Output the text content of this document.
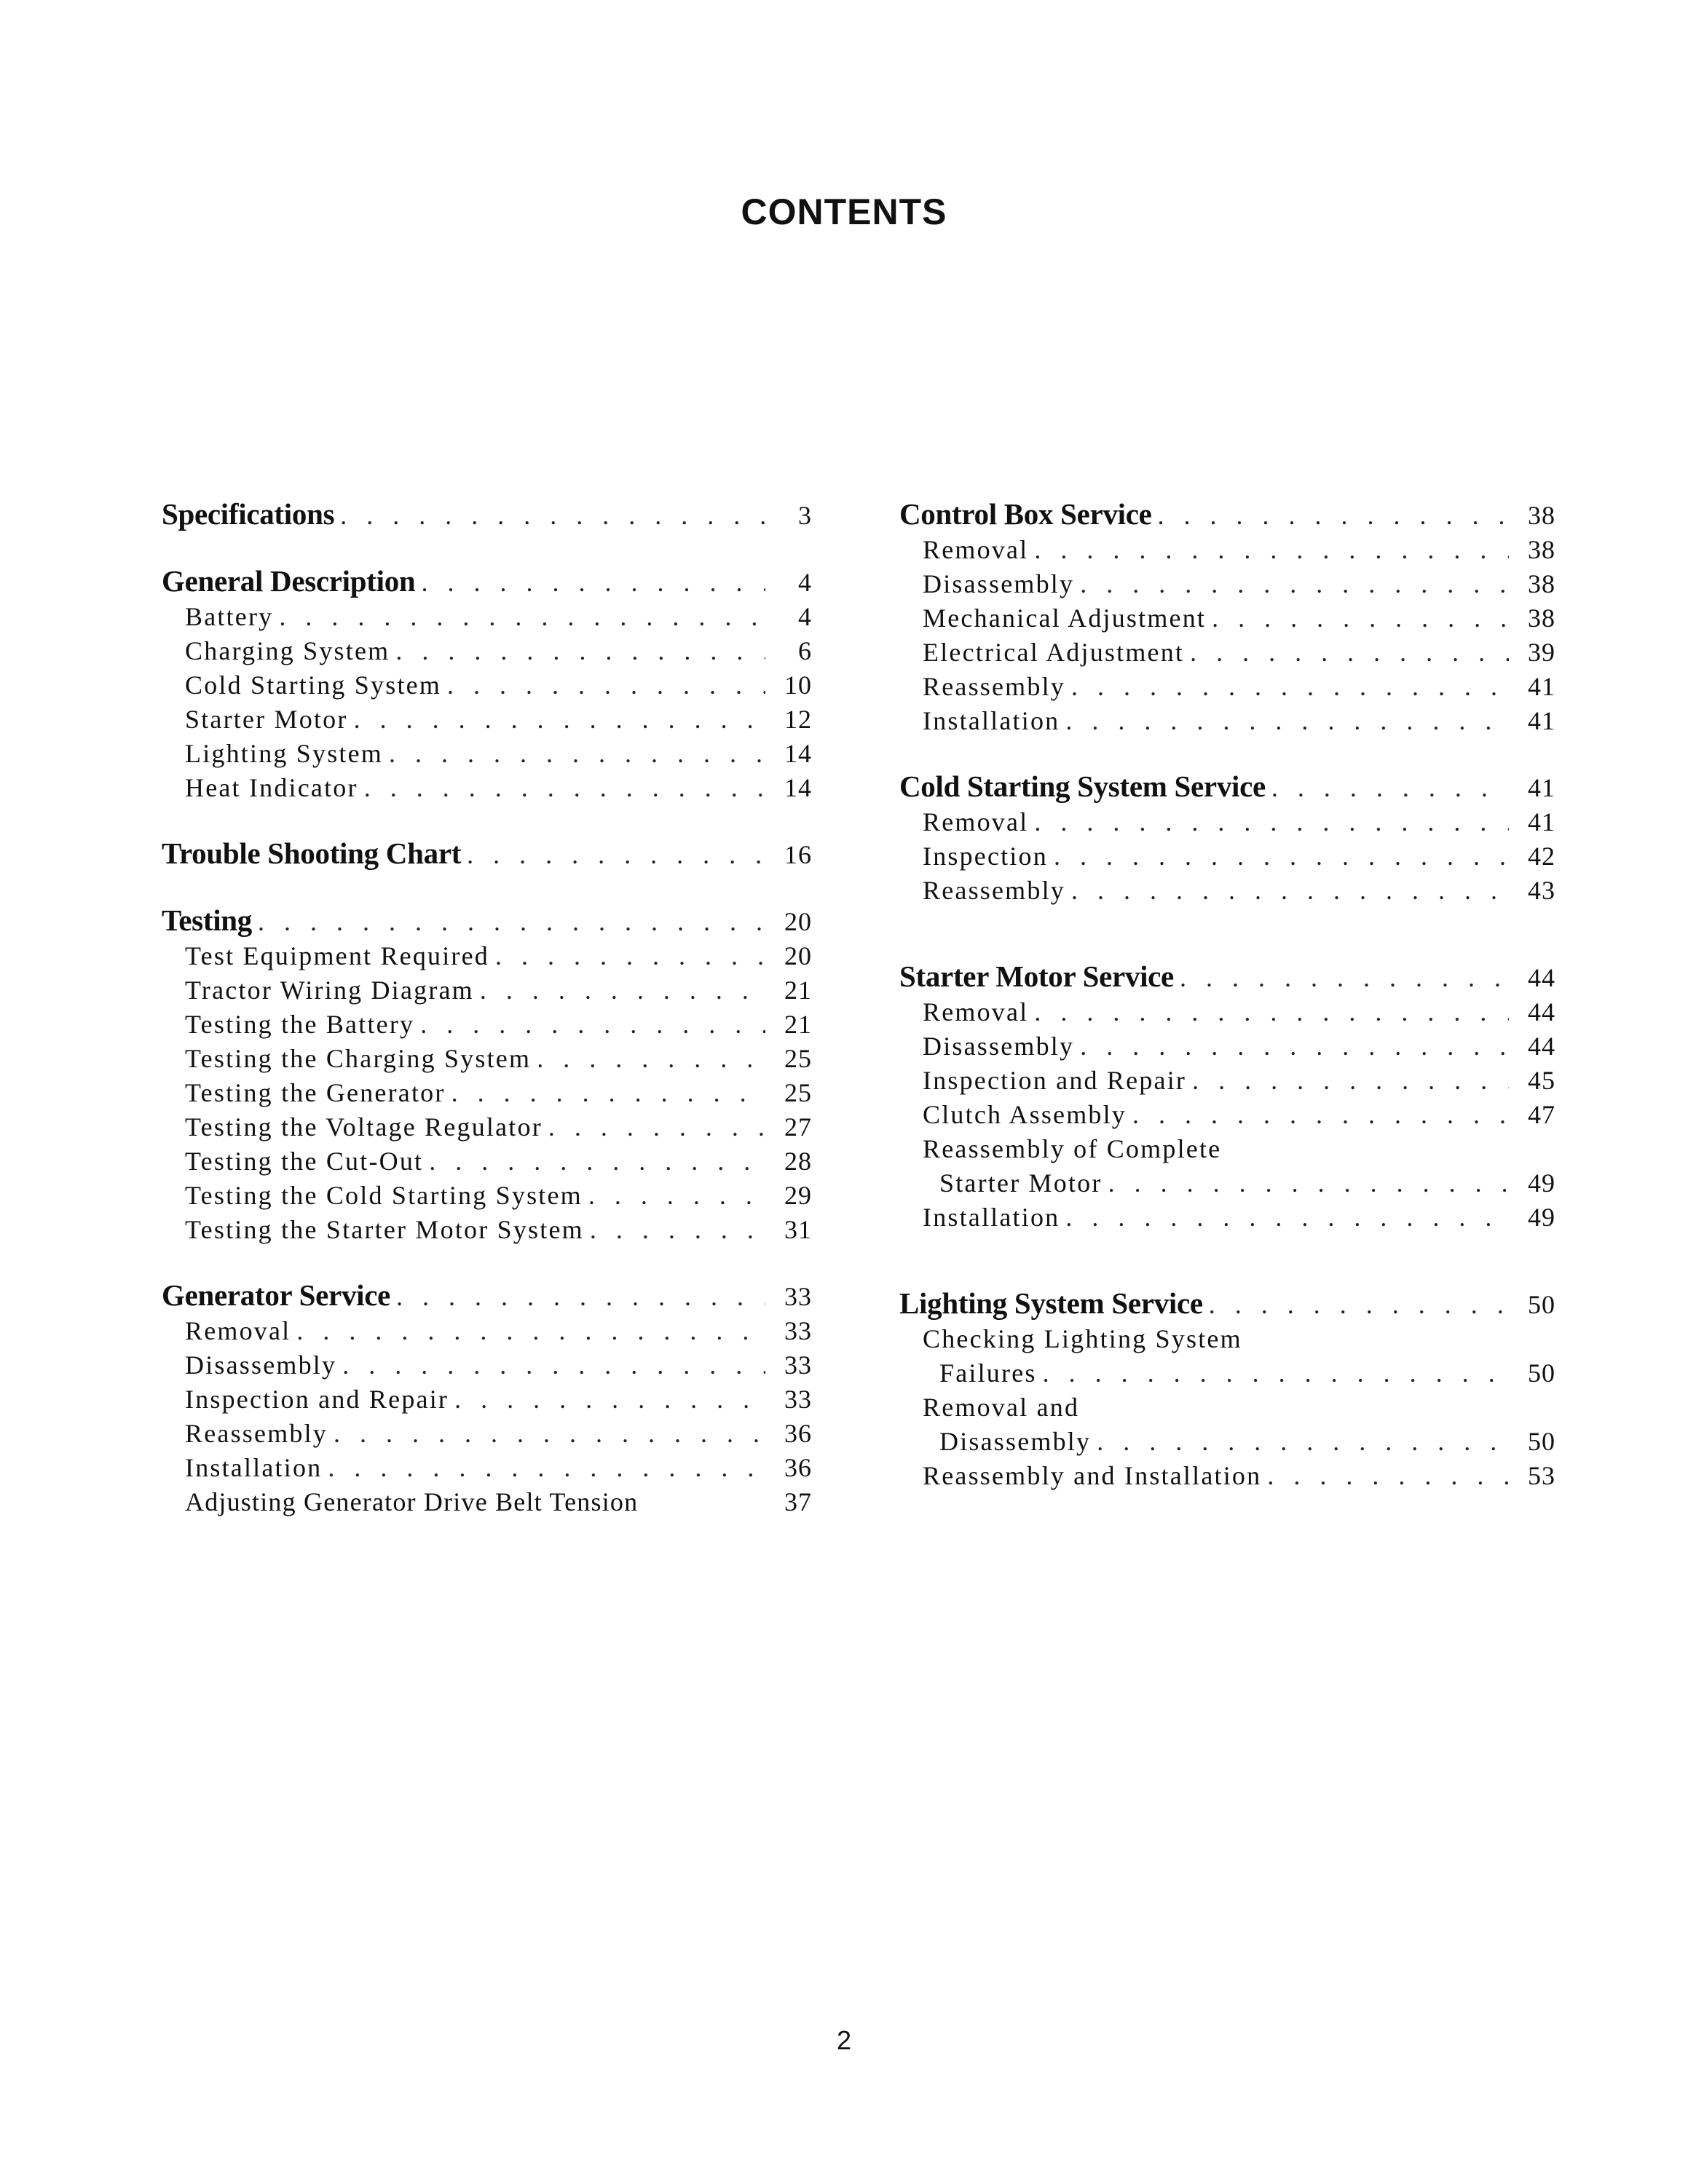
CONTENTS
Specifications . . .	3
General Description . . .	4
Battery . . .	4
Charging System . . .	6
Cold Starting System . . .	10
Starter Motor . . .	12
Lighting System . . .	14
Heat Indicator . . .	14
Trouble Shooting Chart . . .	16
Testing . . .	20
Test Equipment Required . . .	20
Tractor Wiring Diagram . . .	21
Testing the Battery . . .	21
Testing the Charging System . . .	25
Testing the Generator . . .	25
Testing the Voltage Regulator . . .	27
Testing the Cut-Out . . .	28
Testing the Cold Starting System . . .	29
Testing the Starter Motor System . . .	31
Generator Service . . .	33
Removal . . .	33
Disassembly . . .	33
Inspection and Repair . . .	33
Reassembly . . .	36
Installation . . .	36
Adjusting Generator Drive Belt Tension	37
Control Box Service . . .	38
Removal . . .	38
Disassembly . . .	38
Mechanical Adjustment . . .	38
Electrical Adjustment . . .	39
Reassembly . . .	41
Installation . . .	41
Cold Starting System Service . . .	41
Removal . . .	41
Inspection . . .	42
Reassembly . . .	43
Starter Motor Service . . .	44
Removal . . .	44
Disassembly . . .	44
Inspection and Repair . . .	45
Clutch Assembly . . .	47
Reassembly of Complete
Starter Motor . . .	49
Installation . . .	49
Lighting System Service . . .	50
Checking Lighting System
Failures . . .	50
Removal and
Disassembly . . .	50
Reassembly and Installation . . .	53
2
